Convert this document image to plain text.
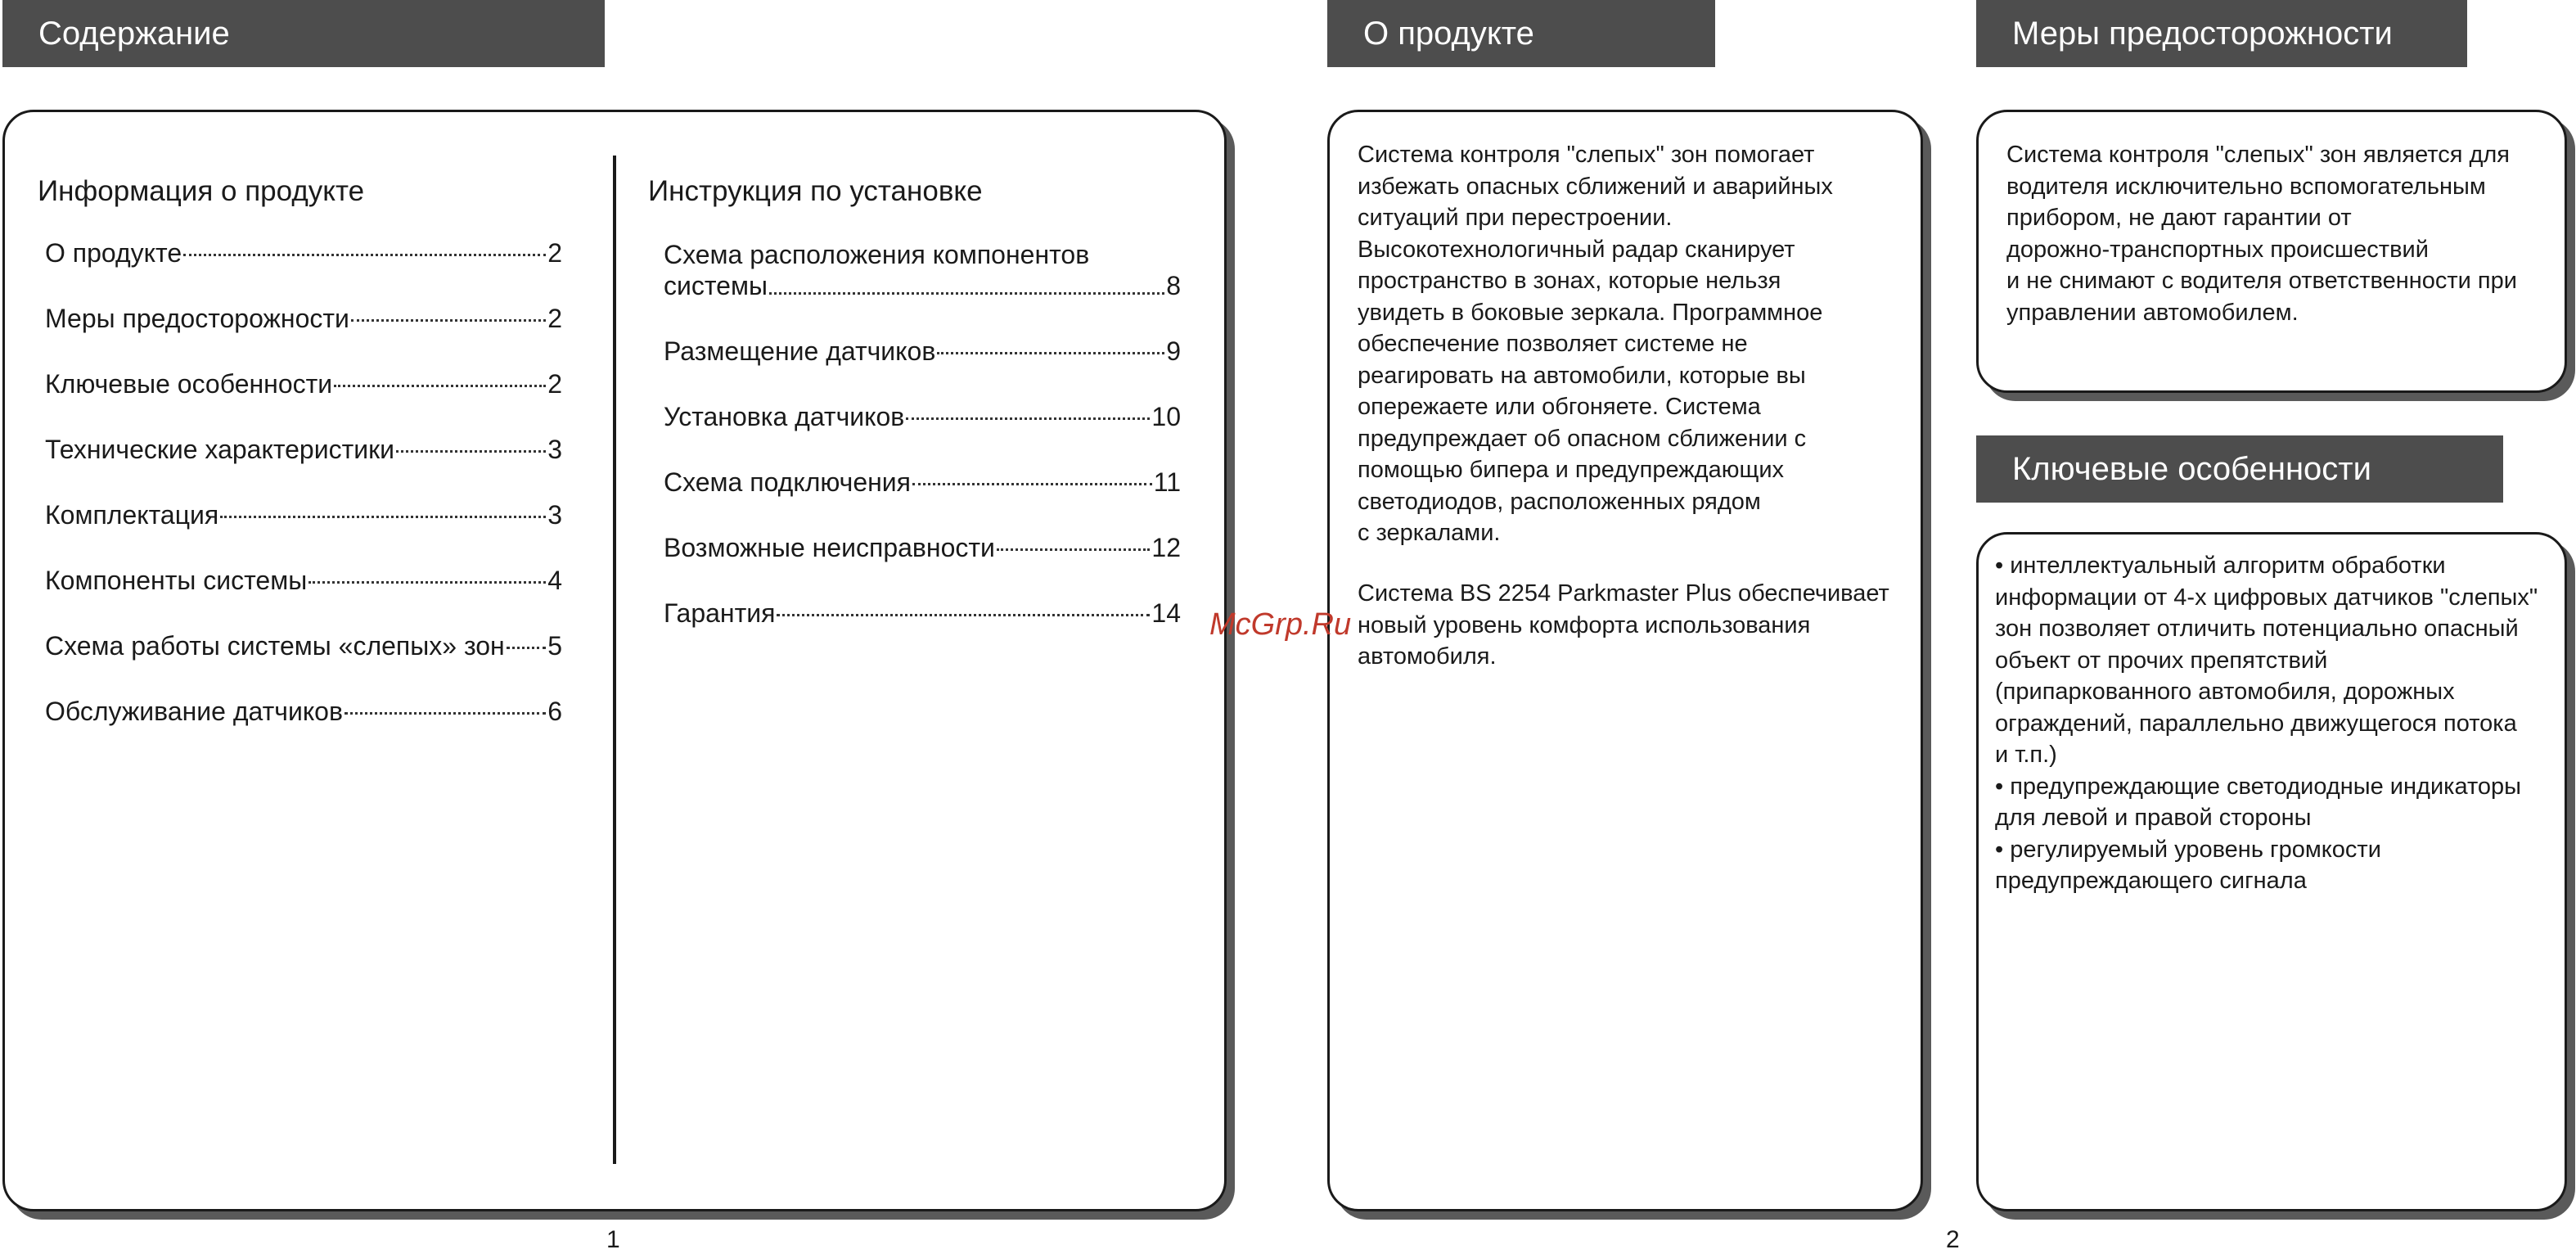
Содержание
Информация о продукте
О продукте	2
Меры предосторожности	2
Ключевые особенности	2
Технические характеристики	3
Комплектация	3
Компоненты системы	4
Схема работы системы «слепых» зон 5
Обслуживание датчиков	6
Инструкция по установке
Схема расположения компонентов
системы	8
Размещение датчиков	9
Установка датчиков	10
Схема подключения	11
Возможные неисправности	12
Гарантия	14
1
О продукте
Система контроля "слепых" зон помогает
избежать опасных сближений и аварийных
ситуаций при перестроении.
Высокотехнологичный радар сканирует
пространство в зонах, которые нельзя
увидеть в боковые зеркала. Программное
обеспечение позволяет системе не
реагировать на автомобили, которые вы
опережаете или обгоняете. Система
предупреждает об опасном сближении с
помощью бипера и предупреждающих
светодиодов, расположенных рядом
с зеркалами.
Система BS 2254 Parkmaster Plus обеспечивает
новый уровень комфорта использования
автомобиля.
Меры предосторожности
Система контроля "слепых" зон является для
водителя исключительно вспомогательным
прибором, не дают гарантии от
дорожно-транспортных происшествий
и не снимают с водителя ответственности при
управлении автомобилем.
Ключевые особенности
• интеллектуальный алгоритм обработки
информации от 4-х цифровых датчиков "слепых"
зон позволяет отличить потенциально опасный
объект от прочих препятствий
(припаркованного автомобиля, дорожных
ограждений, параллельно движущегося потока
и т.п.)
• предупреждающие светодиодные индикаторы
для левой и правой стороны
• регулируемый уровень громкости
предупреждающего сигнала
2
McGrp.Ru
